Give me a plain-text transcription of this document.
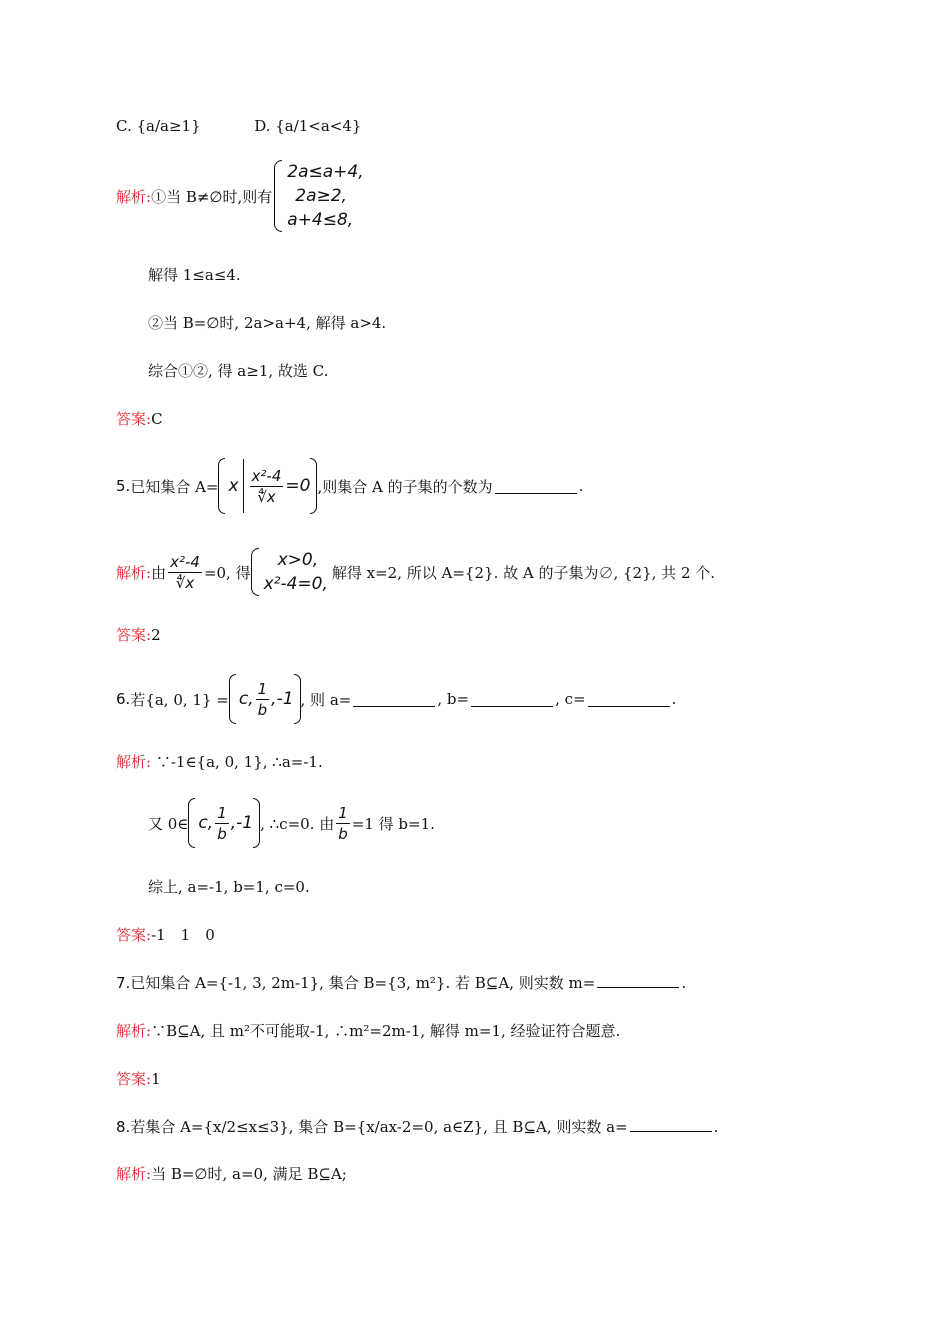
C. {a/a≥1}	D. {a/1<a<4}
解析: ①当 B≠∅时,则有
2a≤a+4,
2a≥2,
a+4≤8,
解得 1≤a≤4.
②当 B=∅时, 2a>a+4, 解得 a>4.
综合①②, 得 a≥1, 故选 C.
答案:C
5. 已知集合 A= x $\frac{\text{x²-4}}{∜x} =0$ ,则集合 A 的子集的个数为	.
解析: 由 $\frac{\text{x²-4}}{∜x} =0$, 得
x>0,
x²-4=0,
解得 x=2, 所以 A={2}. 故 A 的子集为∅, {2}, 共 2 个.
答案:2
6. 若{a, 0, 1} = c, $\frac{1}{b} ,-1$ , 则 a=	, b=	, c=	.
解析: ∵-1∈{a, 0, 1}, ∴a=-1.
又 0∈ c, $\frac{1}{b} ,-1$ , ∴c=0. 由 $\frac{1}{b} =1$ 得 b=1.
综上, a=-1, b=1, c=0.
答案:-1　1　0
7.已知集合 A={-1, 3, 2m-1}, 集合 B={3, m²}. 若 B⊆A, 则实数 m=	.
解析:∵B⊆A, 且 m²不可能取-1, ∴m²=2m-1, 解得 m=1, 经验证符合题意.
答案:1
8.若集合 A={x/2≤x≤3}, 集合 B={x/ax-2=0, a∈Z}, 且 B⊆A, 则实数 a=	.
解析:当 B=∅时, a=0, 满足 B⊆A;
